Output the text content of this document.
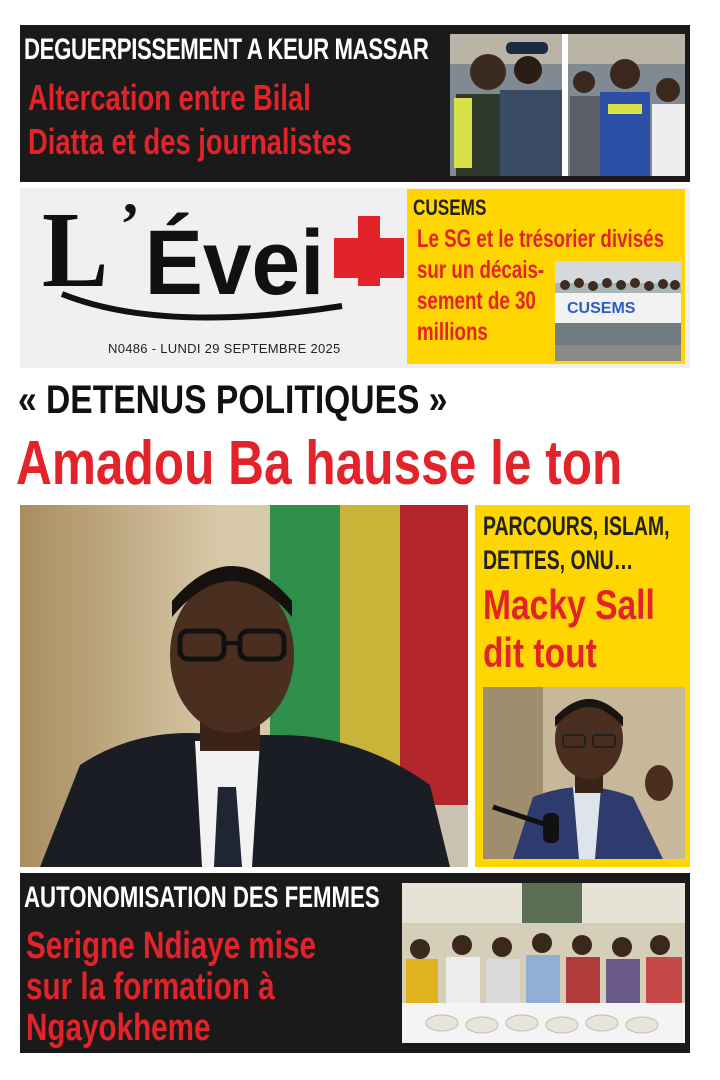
DEGUERPISSEMENT A KEUR MASSAR
Altercation entre Bilal
Diatta et des journalistes
L ’ Évei
N0486 - LUNDI 29 SEPTEMBRE 2025
CUSEMS
Le SG et le trésorier divisés
sur un décais-
sement de 30
millions
CUSEMS
« DETENUS POLITIQUES »
Amadou Ba hausse le ton
PARCOURS, ISLAM,
DETTES, ONU…
Macky Sall
dit tout
AUTONOMISATION DES FEMMES
Serigne Ndiaye mise
sur la formation à
Ngayokheme
